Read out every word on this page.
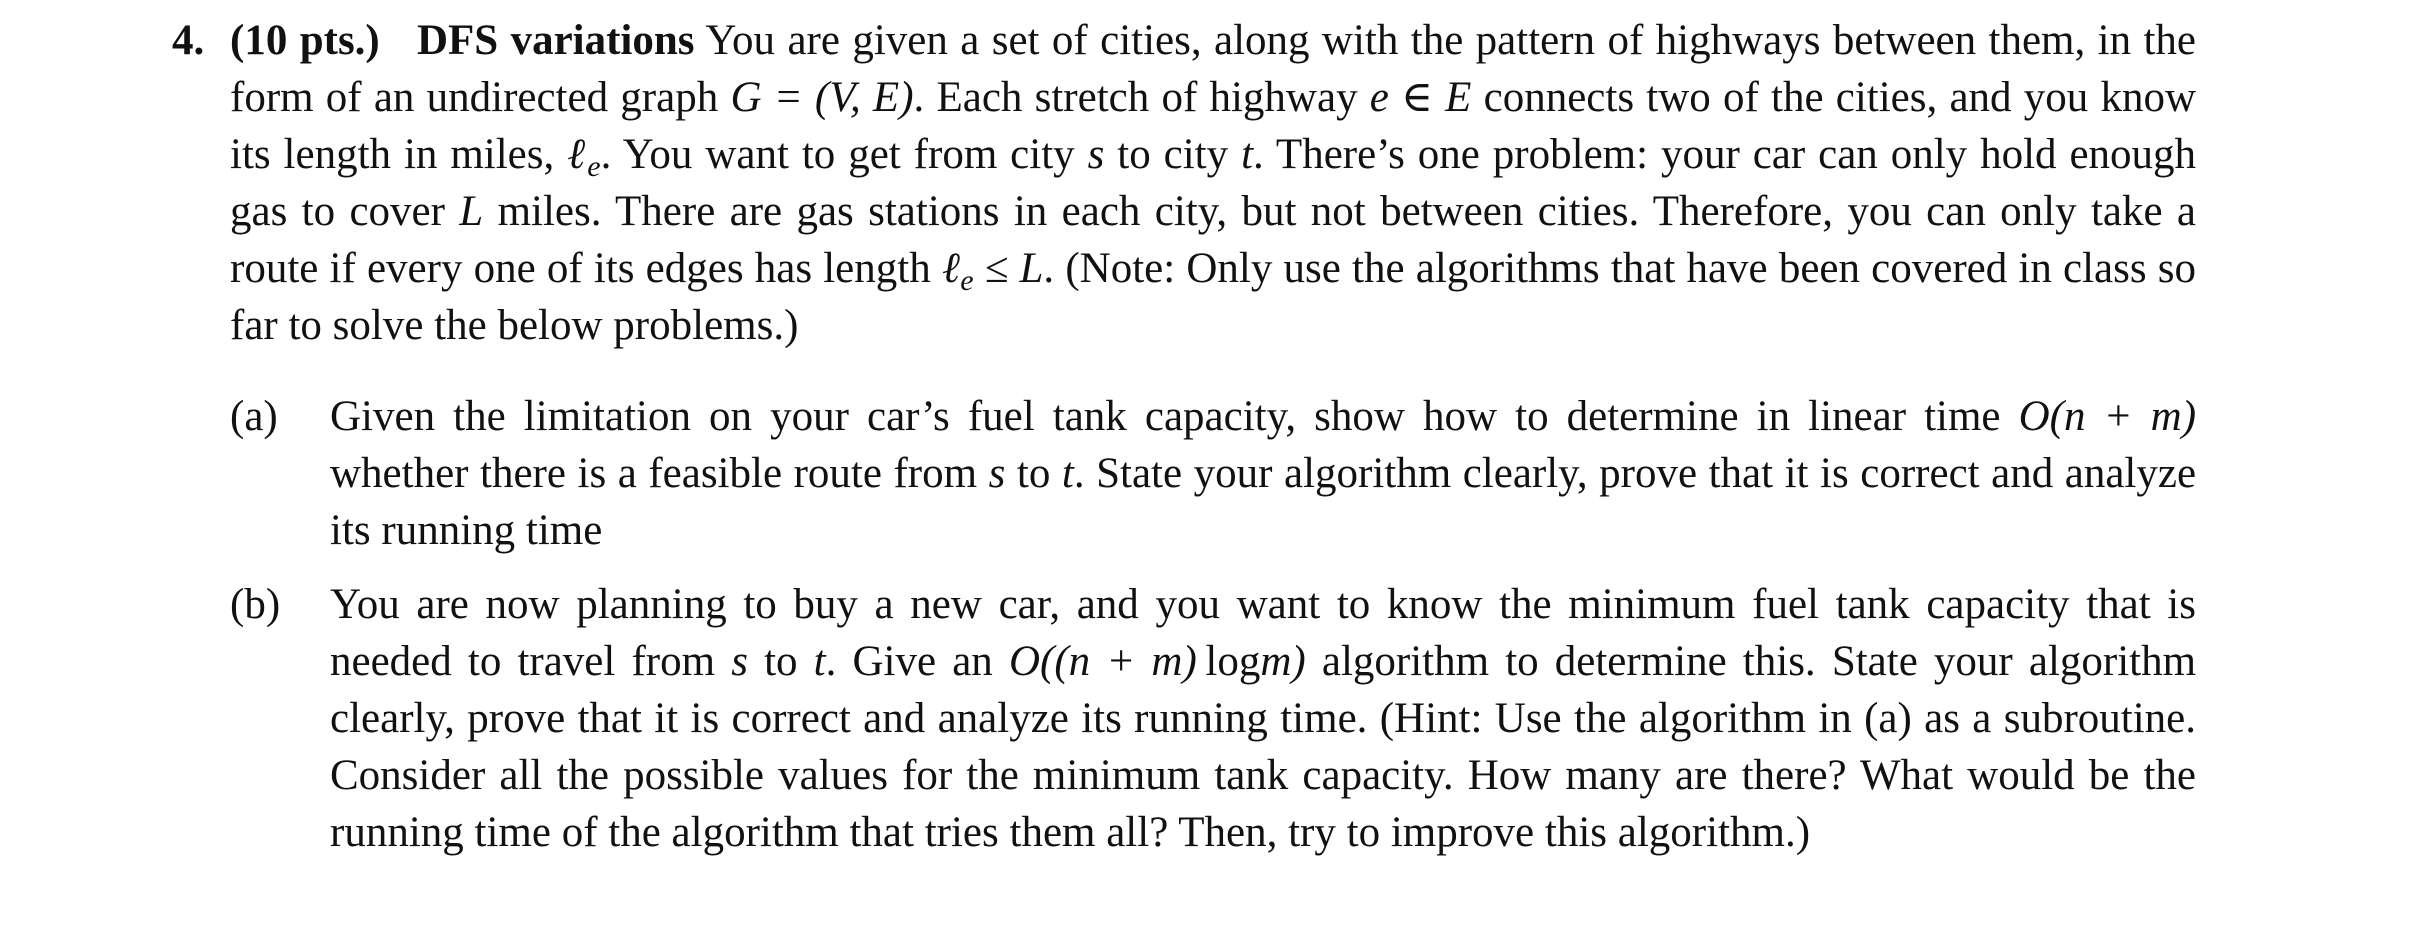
4. (10 pts.) DFS variations You are given a set of cities, along with the pattern of highways between them, in the form of an undirected graph G = (V, E). Each stretch of highway e ∈ E connects two of the cities, and you know its length in miles, ℓ$_e$. You want to get from city s to city t. There’s one problem: your car can only hold enough gas to cover L miles. There are gas stations in each city, but not between cities. Therefore, you can only take a route if every one of its edges has length ℓ$_e$ ≤ L. (Note: Only use the algorithms that have been covered in class so far to solve the below problems.)
(a)	Given the limitation on your car’s fuel tank capacity, show how to determine in linear time O(n + m) whether there is a feasible route from s to t. State your algorithm clearly, prove that it is correct and analyze its running time
(b)	You are now planning to buy a new car, and you want to know the minimum fuel tank capacity that is needed to travel from s to t. Give an O((n + m)  logm) algorithm to determine this. State your algorithm clearly, prove that it is correct and analyze its running time. (Hint: Use the algorithm in (a) as a subroutine. Consider all the possible values for the minimum tank capacity. How many are there? What would be the running time of the algorithm that tries them all? Then, try to improve this algorithm.)
